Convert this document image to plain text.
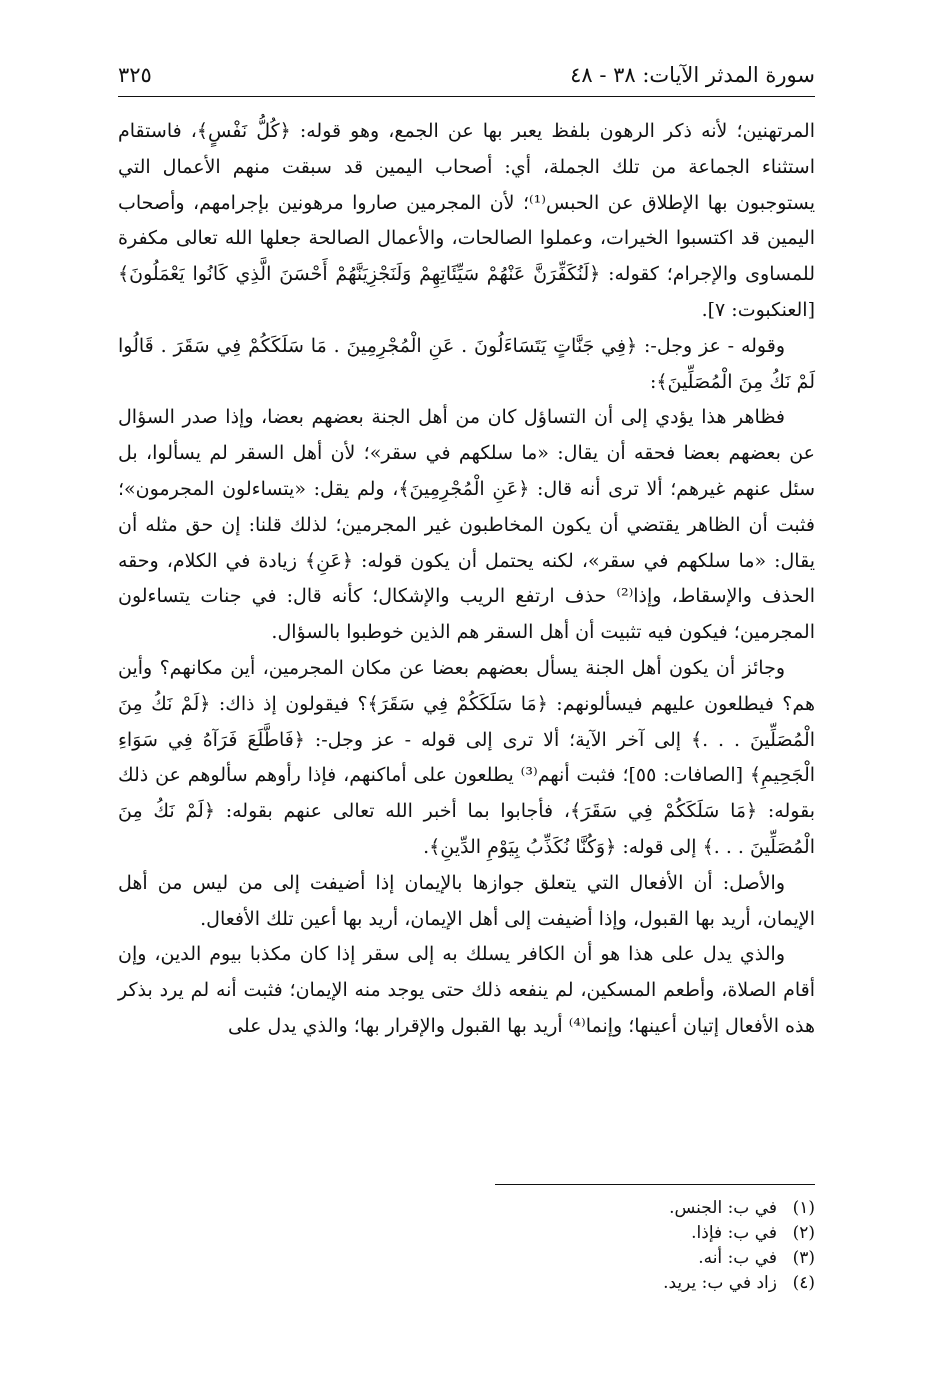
سورة المدثر الآيات: ٣٨ - ٤٨
٣٢٥

المرتهنين؛ لأنه ذكر الرهون بلفظ يعبر بها عن الجمع، وهو قوله: ﴿كُلُّ نَفْسٍ﴾، فاستقام استثناء الجماعة من تلك الجملة، أي: أصحاب اليمين قد سبقت منهم الأعمال التي يستوجبون بها الإطلاق عن الحبس⁽¹⁾؛ لأن المجرمين صاروا مرهونين بإجرامهم، وأصحاب اليمين قد اكتسبوا الخيرات، وعملوا الصالحات، والأعمال الصالحة جعلها الله تعالى مكفرة للمساوى والإجرام؛ كقوله: ﴿لَنُكَفِّرَنَّ عَنْهُمْ سَيِّئَاتِهِمْ وَلَنَجْزِيَنَّهُمْ أَحْسَنَ الَّذِي كَانُوا يَعْمَلُونَ﴾ [العنكبوت: ٧].

وقوله - عز وجل-: ﴿فِي جَنَّاتٍ يَتَسَاءَلُونَ . عَنِ الْمُجْرِمِينَ . مَا سَلَكَكُمْ فِي سَقَرَ . قَالُوا لَمْ نَكُ مِنَ الْمُصَلِّينَ﴾:

فظاهر هذا يؤدي إلى أن التساؤل كان من أهل الجنة بعضهم بعضا، وإذا صدر السؤال عن بعضهم بعضا فحقه أن يقال: «ما سلكهم في سقر»؛ لأن أهل السقر لم يسألوا، بل سئل عنهم غيرهم؛ ألا ترى أنه قال: ﴿عَنِ الْمُجْرِمِينَ﴾، ولم يقل: «يتساءلون المجرمون»؛ فثبت أن الظاهر يقتضي أن يكون المخاطبون غير المجرمين؛ لذلك قلنا: إن حق مثله أن يقال: «ما سلكهم في سقر»، لكنه يحتمل أن يكون قوله: ﴿عَنِ﴾ زيادة في الكلام، وحقه الحذف والإسقاط، وإذا⁽²⁾ حذف ارتفع الريب والإشكال؛ كأنه قال: في جنات يتساءلون المجرمين؛ فيكون فيه تثبيت أن أهل السقر هم الذين خوطبوا بالسؤال.

وجائز أن يكون أهل الجنة يسأل بعضهم بعضا عن مكان المجرمين، أين مكانهم؟ وأين هم؟ فيطلعون عليهم فيسألونهم: ﴿مَا سَلَكَكُمْ فِي سَقَرَ﴾؟ فيقولون إذ ذاك: ﴿لَمْ نَكُ مِنَ الْمُصَلِّينَ . . .﴾ إلى آخر الآية؛ ألا ترى إلى قوله - عز وجل-: ﴿فَاطَّلَعَ فَرَآهُ فِي سَوَاءِ الْجَحِيمِ﴾ [الصافات: ٥٥]؛ فثبت أنهم⁽³⁾ يطلعون على أماكنهم، فإذا رأوهم سألوهم عن ذلك بقوله: ﴿مَا سَلَكَكُمْ فِي سَقَرَ﴾، فأجابوا بما أخبر الله تعالى عنهم بقوله: ﴿لَمْ نَكُ مِنَ الْمُصَلِّينَ . . .﴾ إلى قوله: ﴿وَكُنَّا نُكَذِّبُ بِيَوْمِ الدِّينِ﴾.

والأصل: أن الأفعال التي يتعلق جوازها بالإيمان إذا أضيفت إلى من ليس من أهل الإيمان، أريد بها القبول، وإذا أضيفت إلى أهل الإيمان، أريد بها أعين تلك الأفعال.

والذي يدل على هذا هو أن الكافر يسلك به إلى سقر إذا كان مكذبا بيوم الدين، وإن أقام الصلاة، وأطعم المسكين، لم ينفعه ذلك حتى يوجد منه الإيمان؛ فثبت أنه لم يرد بذكر هذه الأفعال إتيان أعينها؛ وإنما⁽⁴⁾ أريد بها القبول والإقرار بها؛ والذي يدل على

(١)
في ب: الجنس.
(٢)
في ب: فإذا.
(٣)
في ب: أنه.
(٤)
زاد في ب: يريد.
